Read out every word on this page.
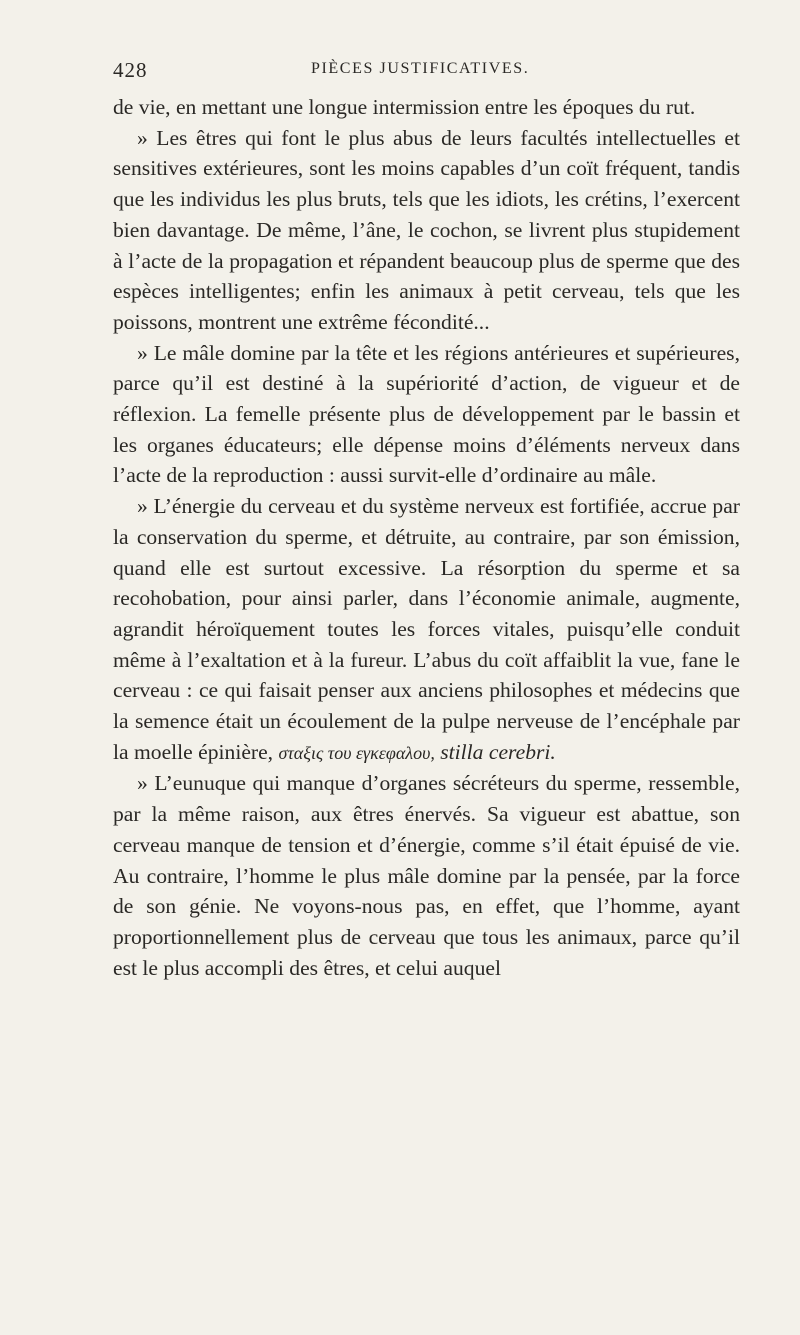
428	PIÈCES JUSTIFICATIVES.

de vie, en mettant une longue intermission entre les époques du rut.

» Les êtres qui font le plus abus de leurs facultés intellectuelles et sensitives extérieures, sont les moins capables d’un coït fréquent, tandis que les individus les plus bruts, tels que les idiots, les crétins, l’exercent bien davantage. De même, l’âne, le cochon, se livrent plus stupidement à l’acte de la propagation et répandent beaucoup plus de sperme que des espèces intelligentes; enfin les animaux à petit cerveau, tels que les poissons, montrent une extrême fécondité...

» Le mâle domine par la tête et les régions antérieures et supérieures, parce qu’il est destiné à la supériorité d’action, de vigueur et de réflexion. La femelle présente plus de développement par le bassin et les organes éducateurs; elle dépense moins d’éléments nerveux dans l’acte de la reproduction : aussi survit-elle d’ordinaire au mâle.

» L’énergie du cerveau et du système nerveux est fortifiée, accrue par la conservation du sperme, et détruite, au contraire, par son émission, quand elle est surtout excessive. La résorption du sperme et sa recohobation, pour ainsi parler, dans l’économie animale, augmente, agrandit héroïquement toutes les forces vitales, puisqu’elle conduit même à l’exaltation et à la fureur. L’abus du coït affaiblit la vue, fane le cerveau : ce qui faisait penser aux anciens philosophes et médecins que la semence était un écoulement de la pulpe nerveuse de l’encéphale par la moelle épinière, σταξις του εγκεφαλου, stilla cerebri.

» L’eunuque qui manque d’organes sécréteurs du sperme, ressemble, par la même raison, aux êtres énervés. Sa vigueur est abattue, son cerveau manque de tension et d’énergie, comme s’il était épuisé de vie. Au contraire, l’homme le plus mâle domine par la pensée, par la force de son génie. Ne voyons-nous pas, en effet, que l’homme, ayant proportionnellement plus de cerveau que tous les animaux, parce qu’il est le plus accompli des êtres, et celui auquel
